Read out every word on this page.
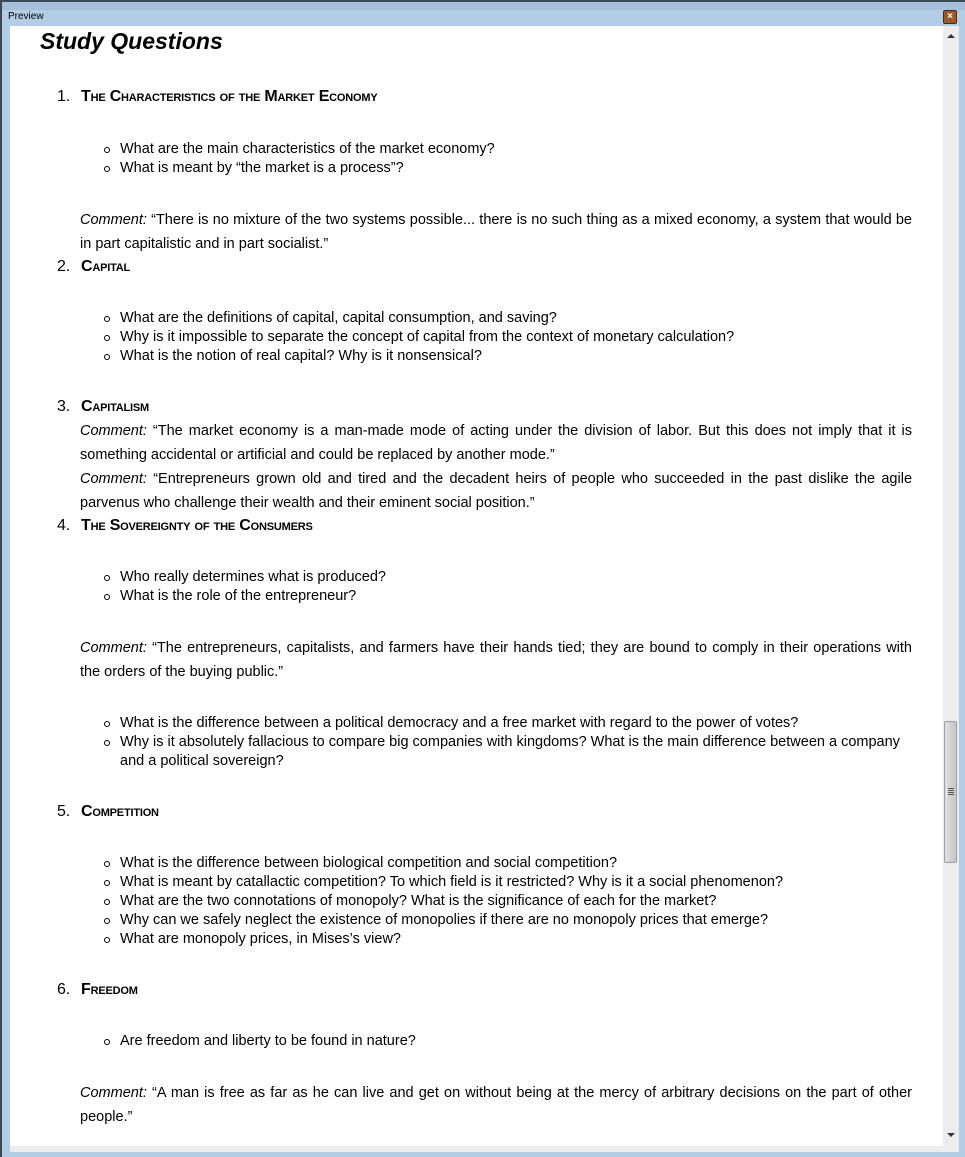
Preview	×
Study Questions
1. The Characteristics of the Market Economy
What are the main characteristics of the market economy?
What is meant by “the market is a process”?
Comment: “There is no mixture of the two systems possible... there is no such thing as a mixed economy, a system that would be in part capitalistic and in part socialist.”
2. Capital
What are the definitions of capital, capital consumption, and saving?
Why is it impossible to separate the concept of capital from the context of monetary calculation?
What is the notion of real capital? Why is it nonsensical?
3. Capitalism
Comment: “The market economy is a man-made mode of acting under the division of labor. But this does not imply that it is something accidental or artificial and could be replaced by another mode.”
Comment: “Entrepreneurs grown old and tired and the decadent heirs of people who succeeded in the past dislike the agile parvenus who challenge their wealth and their eminent social position.”
4. The Sovereignty of the Consumers
Who really determines what is produced?
What is the role of the entrepreneur?
Comment: “The entrepreneurs, capitalists, and farmers have their hands tied; they are bound to comply in their operations with the orders of the buying public.”
What is the difference between a political democracy and a free market with regard to the power of votes?
Why is it absolutely fallacious to compare big companies with kingdoms? What is the main difference between a company and a political sovereign?
5. Competition
What is the difference between biological competition and social competition?
What is meant by catallactic competition? To which field is it restricted? Why is it a social phenomenon?
What are the two connotations of monopoly? What is the significance of each for the market?
Why can we safely neglect the existence of monopolies if there are no monopoly prices that emerge?
What are monopoly prices, in Mises’s view?
6. Freedom
Are freedom and liberty to be found in nature?
Comment: “A man is free as far as he can live and get on without being at the mercy of arbitrary decisions on the part of other people.”
